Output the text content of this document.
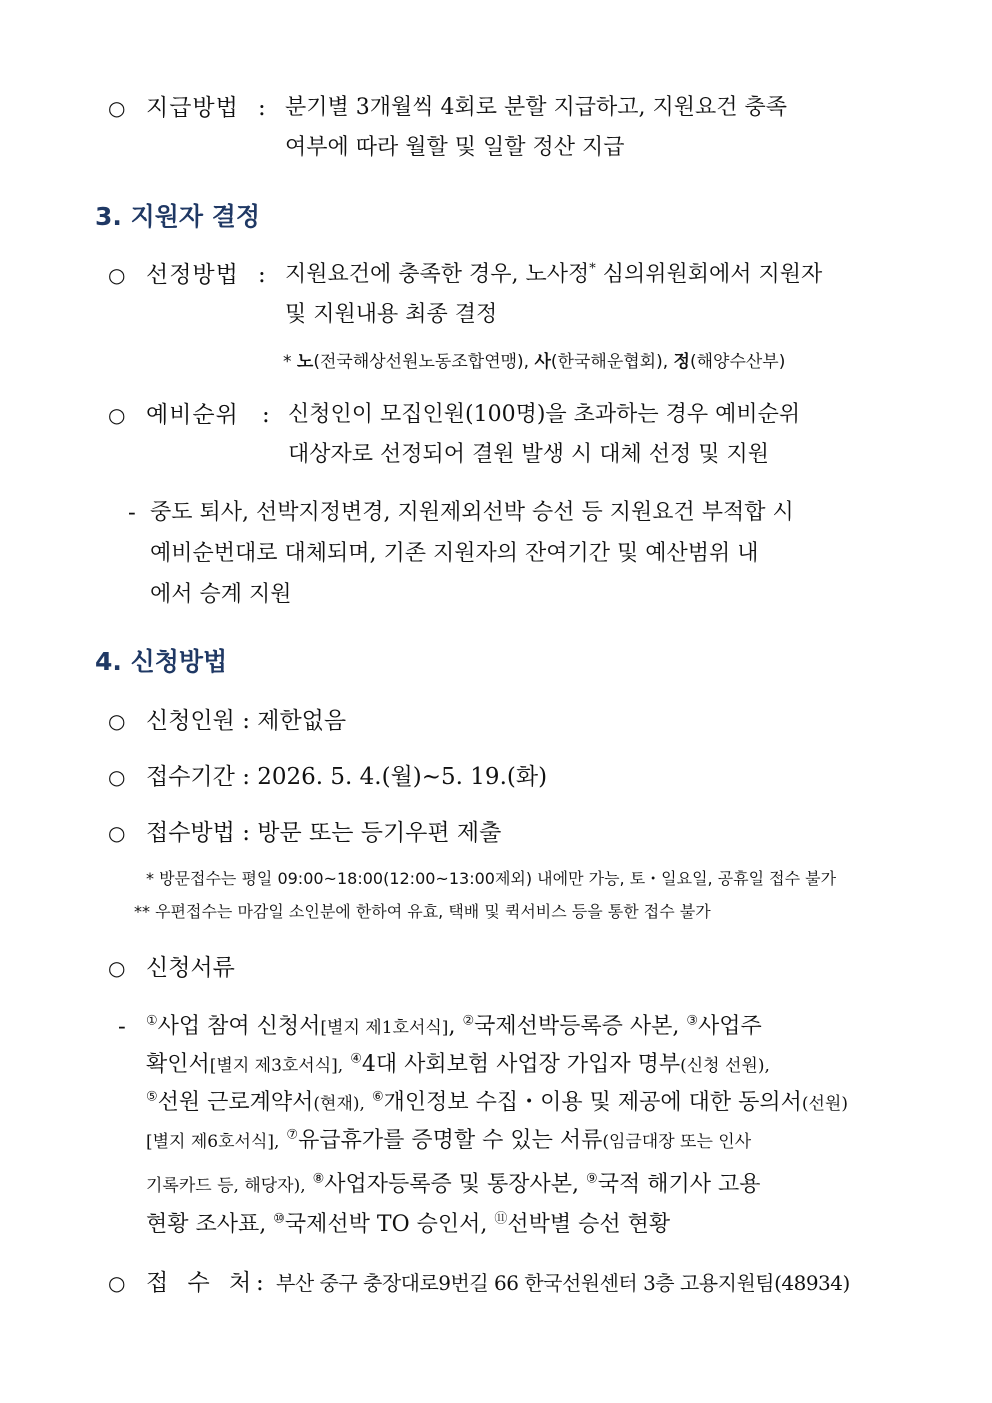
○ 지급방법 : 분기별 3개월씩 4회로 분할 지급하고, 지원요건 충족
여부에 따라 월할 및 일할 정산 지급
3. 지원자 결정
○ 선정방법 : 지원요건에 충족한 경우, 노사정* 심의위원회에서 지원자
및 지원내용 최종 결정
* 노(전국해상선원노동조합연맹), 사(한국해운협회), 정(해양수산부)
○ 예비순위 : 신청인이 모집인원(100명)을 초과하는 경우 예비순위
대상자로 선정되어 결원 발생 시 대체 선정 및 지원
- 중도 퇴사, 선박지정변경, 지원제외선박 승선 등 지원요건 부적합 시
예비순번대로 대체되며, 기존 지원자의 잔여기간 및 예산범위 내
에서 승계 지원
4. 신청방법
○ 신청인원 : 제한없음
○ 접수기간 : 2026. 5. 4.(월)∼5. 19.(화)
○ 접수방법 : 방문 또는 등기우편 제출
* 방문접수는 평일 09:00~18:00(12:00~13:00제외) 내에만 가능, 토・일요일, 공휴일 접수 불가
** 우편접수는 마감일 소인분에 한하여 유효, 택배 및 퀵서비스 등을 통한 접수 불가
○ 신청서류
- ①사업 참여 신청서[별지 제1호서식], ②국제선박등록증 사본, ③사업주
확인서[별지 제3호서식], ④4대 사회보험 사업장 가입자 명부(신청 선원),
⑤선원 근로계약서(현재), ⑥개인정보 수집・이용 및 제공에 대한 동의서(선원)
[별지 제6호서식], ⑦유급휴가를 증명할 수 있는 서류(임금대장 또는 인사
기록카드 등, 해당자), ⑧사업자등록증 및 통장사본, ⑨국적 해기사 고용
현황 조사표, ⑩국제선박 TO 승인서, ⑪선박별 승선 현황
○ 접 수 처
: 부산 중구 충장대로9번길 66 한국선원센터 3층 고용지원팀(48934)
